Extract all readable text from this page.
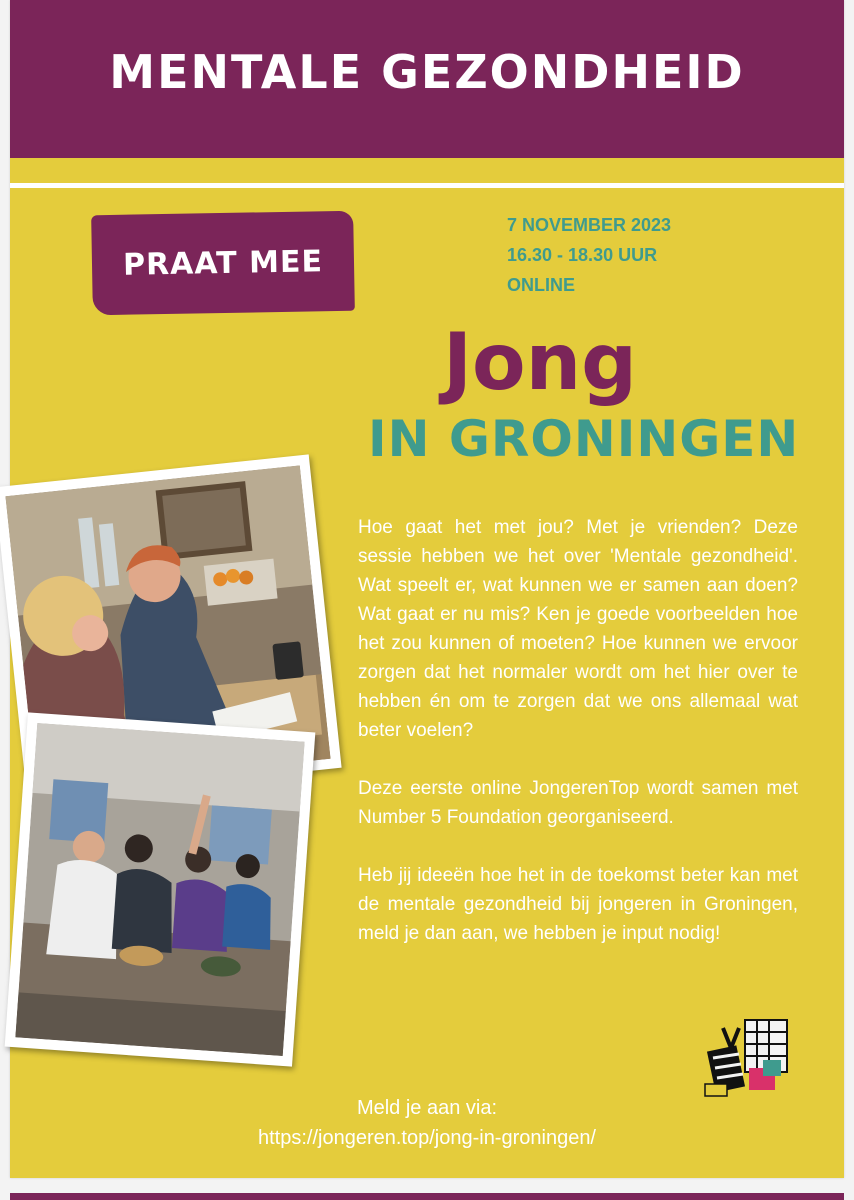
MENTALE GEZONDHEID
PRAAT MEE
7 NOVEMBER 2023
16.30 - 18.30 UUR
ONLINE
Jong
IN GRONINGEN

Hoe gaat het met jou? Met je vrienden? Deze sessie hebben we het over 'Mentale gezondheid'. Wat speelt er, wat kunnen we er samen aan doen? Wat gaat er nu mis? Ken je goede voorbeelden hoe het zou kunnen of moeten? Hoe kunnen we ervoor zorgen dat het normaler wordt om het hier over te hebben én om te zorgen dat we ons allemaal wat beter voelen?

Deze eerste online JongerenTop wordt samen met Number 5 Foundation georganiseerd.

Heb jij ideeën hoe het in de toekomst beter kan met de mentale gezondheid bij jongeren in Groningen, meld je dan aan, we hebben je input nodig!

Meld je aan via:
https://jongeren.top/jong-in-groningen/
